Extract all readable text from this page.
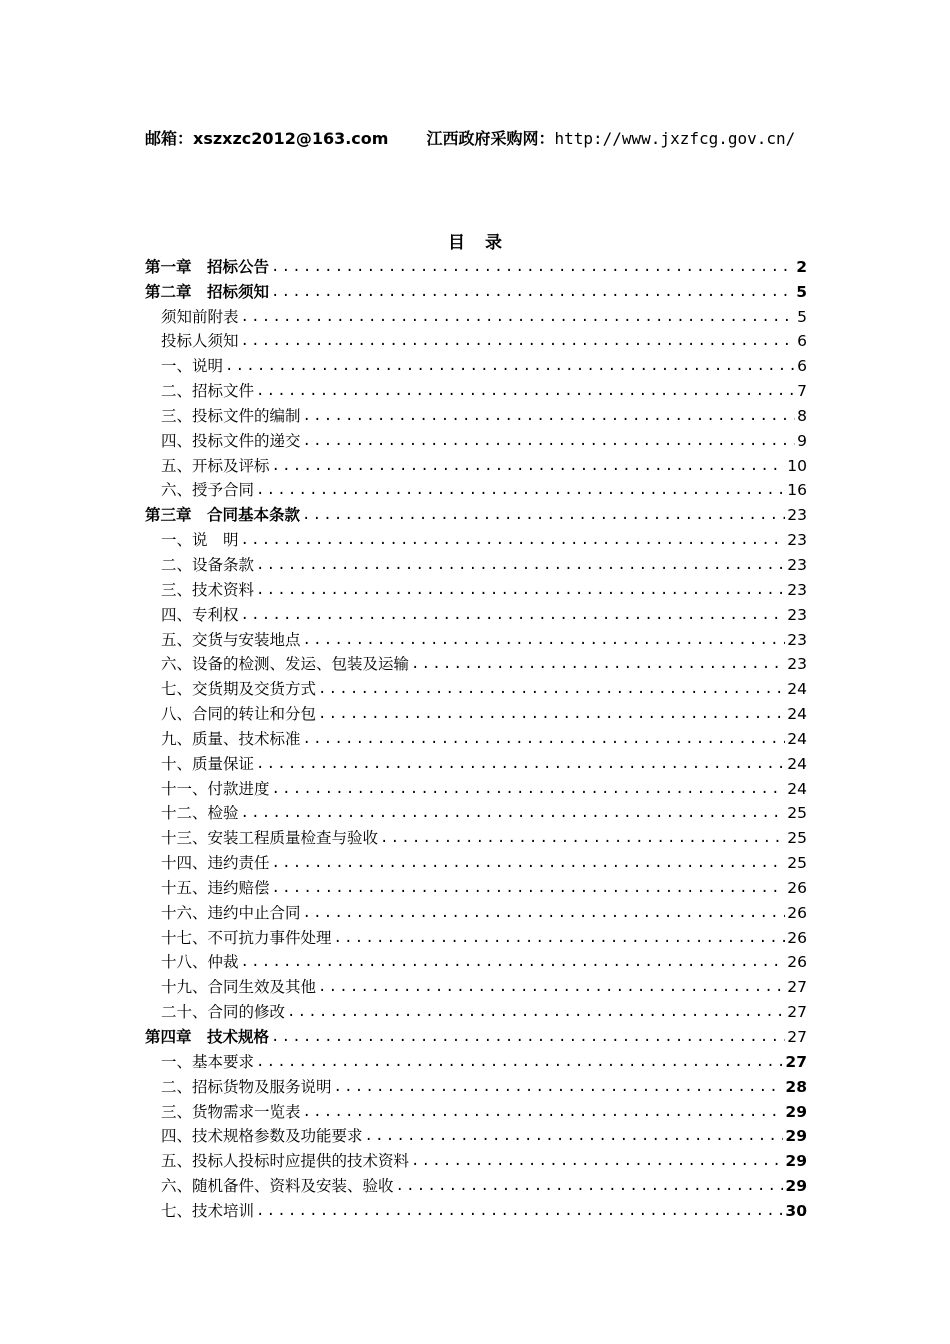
邮箱：xszxzc2012@163.com 江西政府采购网：http://www.jxzfcg.gov.cn/
目 录
第一章　招标公告 .....	2
第二章　招标须知 .....	5
须知前附表 .....	5
投标人须知 .....	6
一、说明 .....	6
二、招标文件 .....	7
三、投标文件的编制 .....	8
四、投标文件的递交 .....	9
五、开标及评标 .....	10
六、授予合同 .....	16
第三章　合同基本条款 .....	23
一、说　明 .....	23
二、设备条款 .....	23
三、技术资料 .....	23
四、专利权 .....	23
五、交货与安装地点 .....	23
六、设备的检测、发运、包装及运输 .....	23
七、交货期及交货方式 .....	24
八、合同的转让和分包 .....	24
九、质量、技术标准 .....	24
十、质量保证 .....	24
十一、付款进度 .....	24
十二、检验 .....	25
十三、安装工程质量检查与验收 .....	25
十四、违约责任 .....	25
十五、违约赔偿 .....	26
十六、违约中止合同 .....	26
十七、不可抗力事件处理 .....	26
十八、仲裁 .....	26
十九、合同生效及其他 .....	27
二十、合同的修改 .....	27
第四章　技术规格 .....	27
一、基本要求 .....	27
二、招标货物及服务说明 .....	28
三、货物需求一览表 .....	29
四、技术规格参数及功能要求 .....	29
五、投标人投标时应提供的技术资料 .....	29
六、随机备件、资料及安装、验收 .....	29
七、技术培训 .....	30
